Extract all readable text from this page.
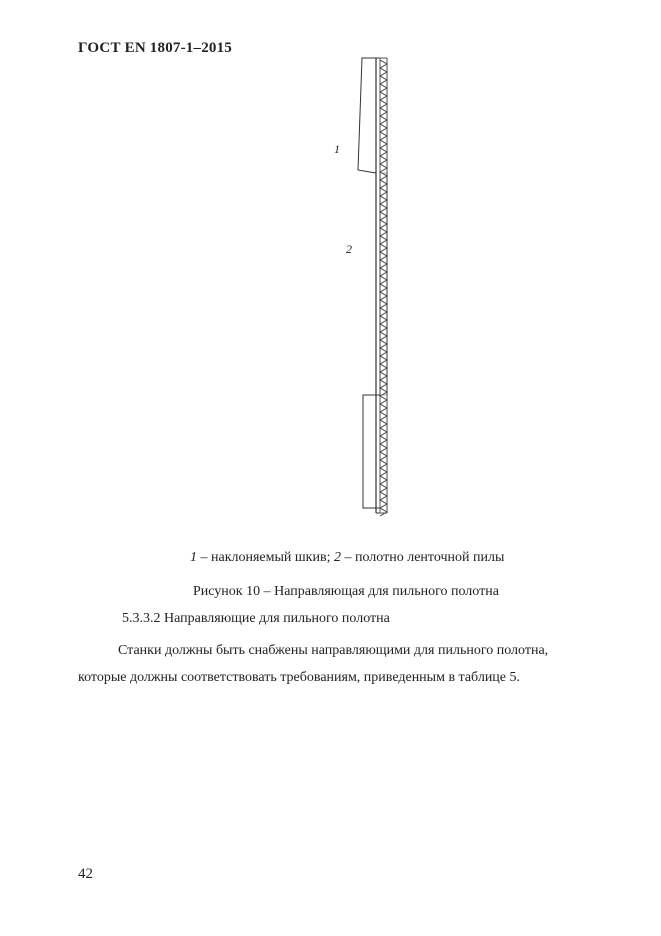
ГОСТ EN 1807-1–2015
1
2
1 – наклоняемый шкив; 2 – полотно ленточной пилы
Рисунок 10 – Направляющая для пильного полотна
5.3.3.2 Направляющие для пильного полотна
Станки должны быть снабжены направляющими для пильного полотна,
которые должны соответствовать требованиям, приведенным в таблице 5.
42
